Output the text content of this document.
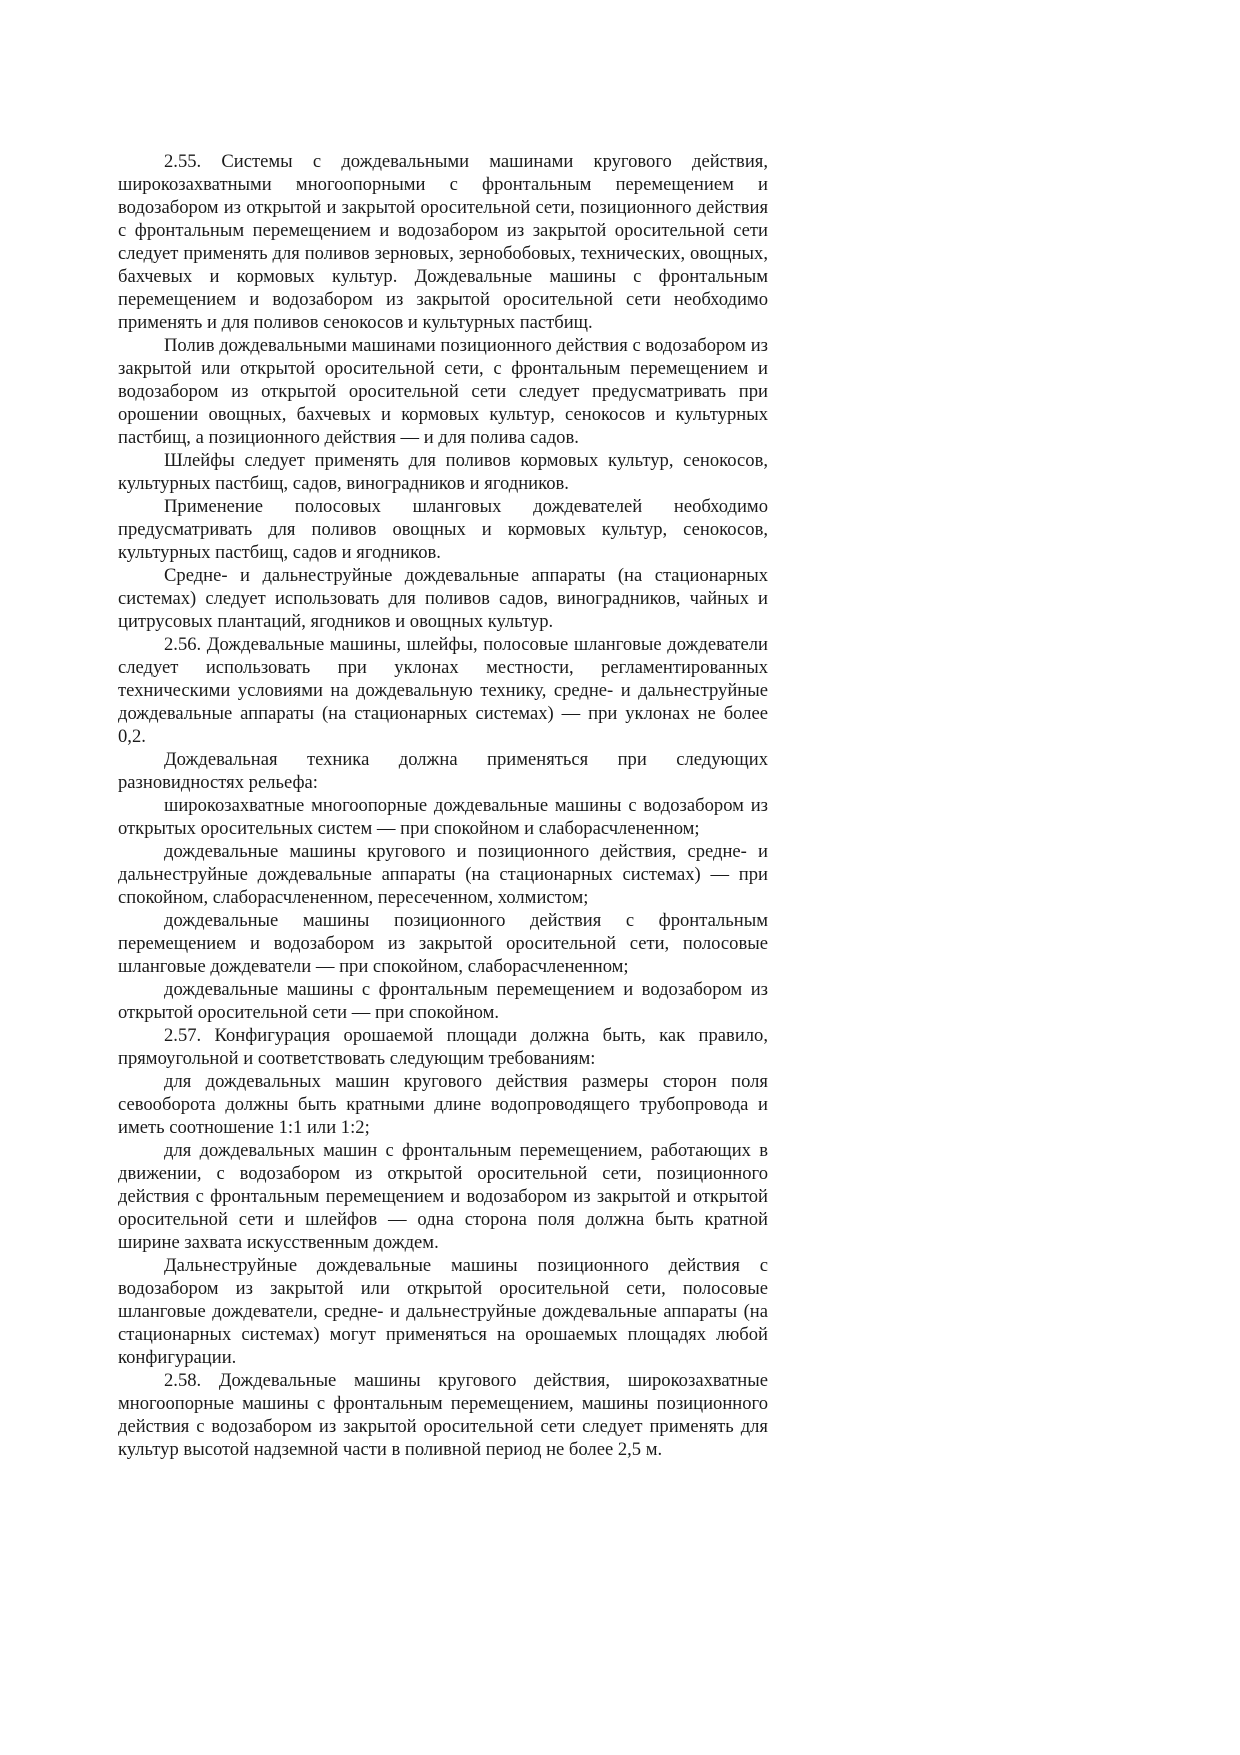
2.55. Системы с дождевальными машинами кругового действия, широкозахватными многоопорными с фронтальным перемещением и водозабором из открытой и закрытой оросительной сети, позиционного действия с фронтальным перемещением и водозабором из закрытой оросительной сети следует применять для поливов зерновых, зернобобовых, технических, овощных, бахчевых и кормовых культур. Дождевальные машины с фронтальным перемещением и водозабором из закрытой оросительной сети необходимо применять и для поливов сенокосов и культурных пастбищ.

Полив дождевальными машинами позиционного действия с водозабором из закрытой или открытой оросительной сети, с фронтальным перемещением и водозабором из открытой оросительной сети следует предусматривать при орошении овощных, бахчевых и кормовых культур, сенокосов и культурных пастбищ, а позиционного действия — и для полива садов.

Шлейфы следует применять для поливов кормовых культур, сенокосов, культурных пастбищ, садов, виноградников и ягодников.

Применение полосовых шланговых дождевателей необходимо предусматривать для поливов овощных и кормовых культур, сенокосов, культурных пастбищ, садов и ягодников.

Средне- и дальнеструйные дождевальные аппараты (на стационарных системах) следует использовать для поливов садов, виноградников, чайных и цитрусовых плантаций, ягодников и овощных культур.

2.56. Дождевальные машины, шлейфы, полосовые шланговые дождеватели следует использовать при уклонах местности, регламентированных техническими условиями на дождевальную технику, средне- и дальнеструйные дождевальные аппараты (на стационарных системах) — при уклонах не более 0,2.

Дождевальная техника должна применяться при следующих разновидностях рельефа:

широкозахватные многоопорные дождевальные машины с водозабором из открытых оросительных систем — при спокойном и слаборасчлененном;

дождевальные машины кругового и позиционного действия, средне- и дальнеструйные дождевальные аппараты (на стационарных системах) — при спокойном, слаборасчлененном, пересеченном, холмистом;

дождевальные машины позиционного действия с фронтальным перемещением и водозабором из закрытой оросительной сети, полосовые шланговые дождеватели — при спокойном, слаборасчлененном;

дождевальные машины с фронтальным перемещением и водозабором из открытой оросительной сети — при спокойном.

2.57. Конфигурация орошаемой площади должна быть, как правило, прямоугольной и соответствовать следующим требованиям:

для дождевальных машин кругового действия размеры сторон поля севооборота должны быть кратными длине водопроводящего трубопровода и иметь соотношение 1:1 или 1:2;

для дождевальных машин с фронтальным перемещением, работающих в движении, с водозабором из открытой оросительной сети, позиционного действия с фронтальным перемещением и водозабором из закрытой и открытой оросительной сети и шлейфов — одна сторона поля должна быть кратной ширине захвата искусственным дождем.

Дальнеструйные дождевальные машины позиционного действия с водозабором из закрытой или открытой оросительной сети, полосовые шланговые дождеватели, средне- и дальнеструйные дождевальные аппараты (на стационарных системах) могут применяться на орошаемых площадях любой конфигурации.

2.58. Дождевальные машины кругового действия, широкозахватные многоопорные машины с фронтальным перемещением, машины позиционного действия с водозабором из закрытой оросительной сети следует применять для культур высотой надземной части в поливной период не более 2,5 м.
